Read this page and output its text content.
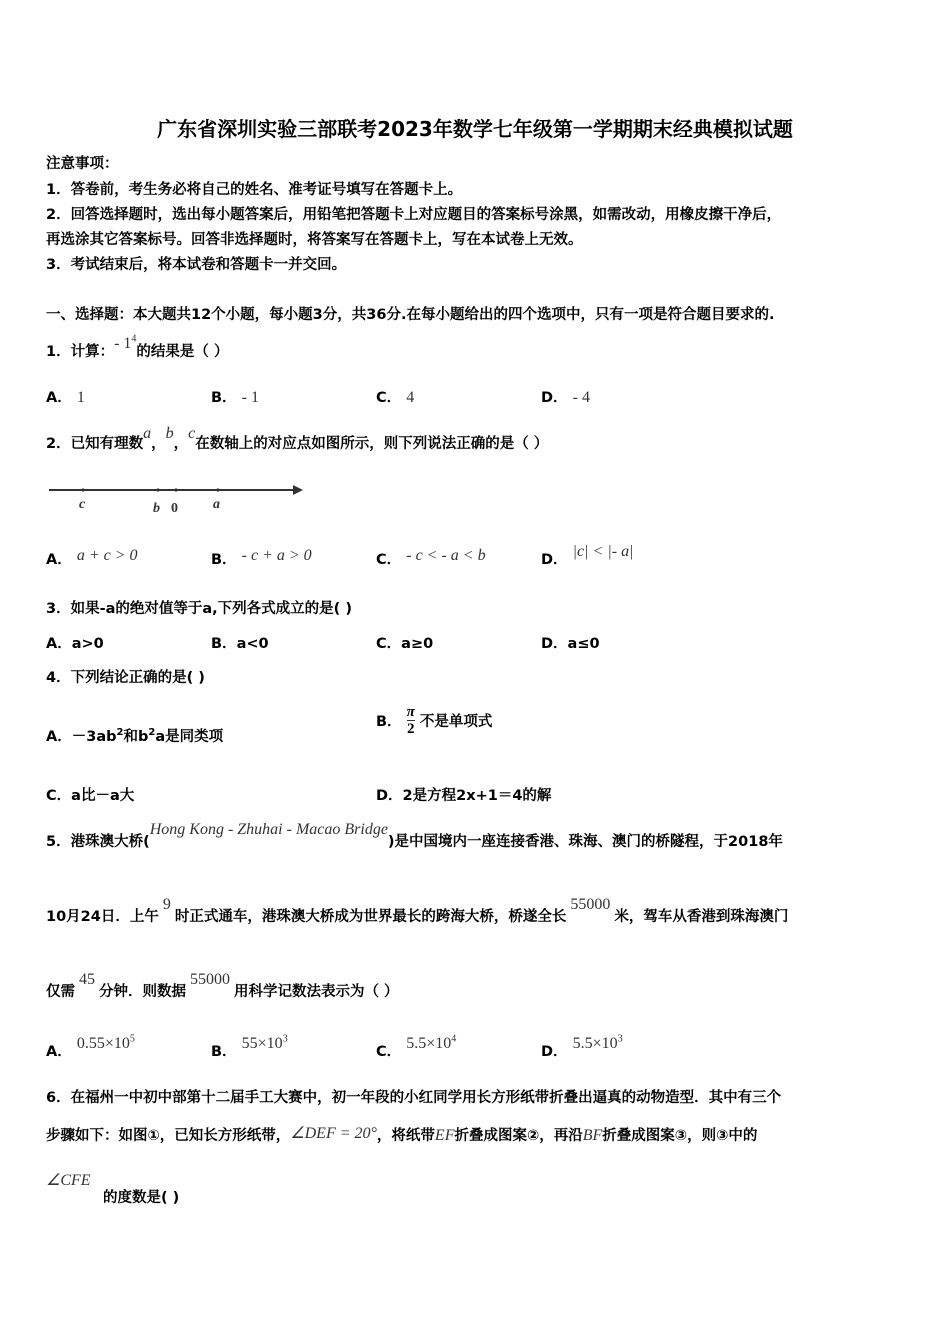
广东省深圳实验三部联考2023年数学七年级第一学期期末经典模拟试题
注意事项：
1．答卷前，考生务必将自己的姓名、准考证号填写在答题卡上。
2．回答选择题时，选出每小题答案后，用铅笔把答题卡上对应题目的答案标号涂黑，如需改动，用橡皮擦干净后，
再选涂其它答案标号。回答非选择题时，将答案写在答题卡上，写在本试卷上无效。
3．考试结束后，将本试卷和答题卡一并交回。
一、选择题：本大题共12个小题，每小题3分，共36分.在每小题给出的四个选项中，只有一项是符合题目要求的.
1．计算：- $1^4$的结果是（ ）
A． 1	B． - 1	C． 4	D． - 4
2．已知有理数a，b，c在数轴上的对应点如图所示，则下列说法正确的是（ ）
c	b 0	a
A． a + c > 0	B． - c + a > 0	C． - c < - a < b	D． |c| < |- a|
3．如果-a的绝对值等于a,下列各式成立的是( )
A．a>0	B．a<0	C．a≥0	D．a≤0
4．下列结论正确的是( )
A．$-3ab^2$和$b^2a$是同类项
B． $\frac{\pi}{2}$ 不是单项式
C．a比－a大	D．2是方程2x+1＝4的解
5．港珠澳大桥(Hong Kong - Zhuhai - Macao Bridge)是中国境内一座连接香港、珠海、澳门的桥隧程，于2018年
10月24日．上午9时正式通车，港珠澳大桥成为世界最长的跨海大桥，桥遂全长55000米，驾车从香港到珠海澳门
仅需45分钟．则数据55000用科学记数法表示为（ ）
A． $0.55\times 10^5$
B． $55\times 10^3$
C． $5.5\times 10^4$
D． $5.5\times 10^3$
6．在福州一中初中部第十二届手工大赛中，初一年段的小红同学用长方形纸带折叠出逼真的动物造型．其中有三个
步骤如下：如图①，已知长方形纸带，∠DEF = 20°，将纸带EF折叠成图案②，再沿BF折叠成图案③，则③中的
∠CFE
的度数是( )
